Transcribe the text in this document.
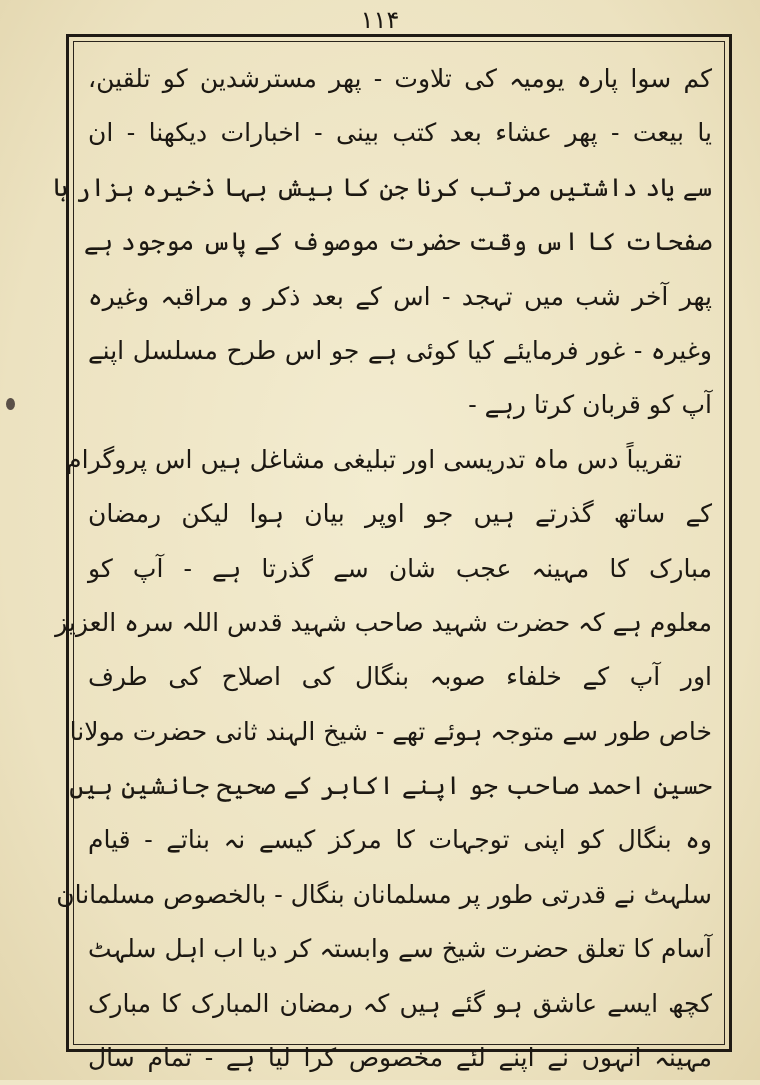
۱۱۴
کم سوا پارہ یومیہ کی تلاوت - پھر مسترشدین کو تلقین،
یا بیعت - پھر عشاء بعد کتب بینی - اخبارات دیکھنا - ان
سے یاد داشتیں مرتب کرنا جن کا بیش بہا ذخیرہ ہزار ہا
صفحات کا اس وقت حضرت موصوف کے پاس موجود ہے
پھر آخر شب میں تہجد - اس کے بعد ذکر و مراقبہ وغیرہ
وغیرہ - غور فرمایئے کیا کوئی ہے جو اس طرح مسلسل اپنے
آپ کو قربان کرتا رہے -
تقریباً دس ماہ تدریسی اور تبلیغی مشاغل ہیں اس پروگرام
کے ساتھ گذرتے ہیں جو اوپر بیان ہوا لیکن رمضان
مبارک کا مہینہ عجب شان سے گذرتا ہے - آپ کو
معلوم ہے کہ حضرت شہید صاحب شہید قدس اللہ سرہ العزیز
اور آپ کے خلفاء صوبہ بنگال کی اصلاح کی طرف
خاص طور سے متوجہ ہوئے تھے - شیخ الہند ثانی حضرت مولانا
حسین احمد صاحب جو اپنے اکابر کے صحیح جانشین ہیں
وہ بنگال کو اپنی توجہات کا مرکز کیسے نہ بناتے - قیام
سلہٹ نے قدرتی طور پر مسلمانان بنگال - بالخصوص مسلمانان
آسام کا تعلق حضرت شیخ سے وابستہ کر دیا اب اہل سلہٹ
کچھ ایسے عاشق ہو گئے ہیں کہ رمضان المبارک کا مبارک
مہینہ انہوں نے اپنے لئے مخصوص کرا لیا ہے - تمام سال
